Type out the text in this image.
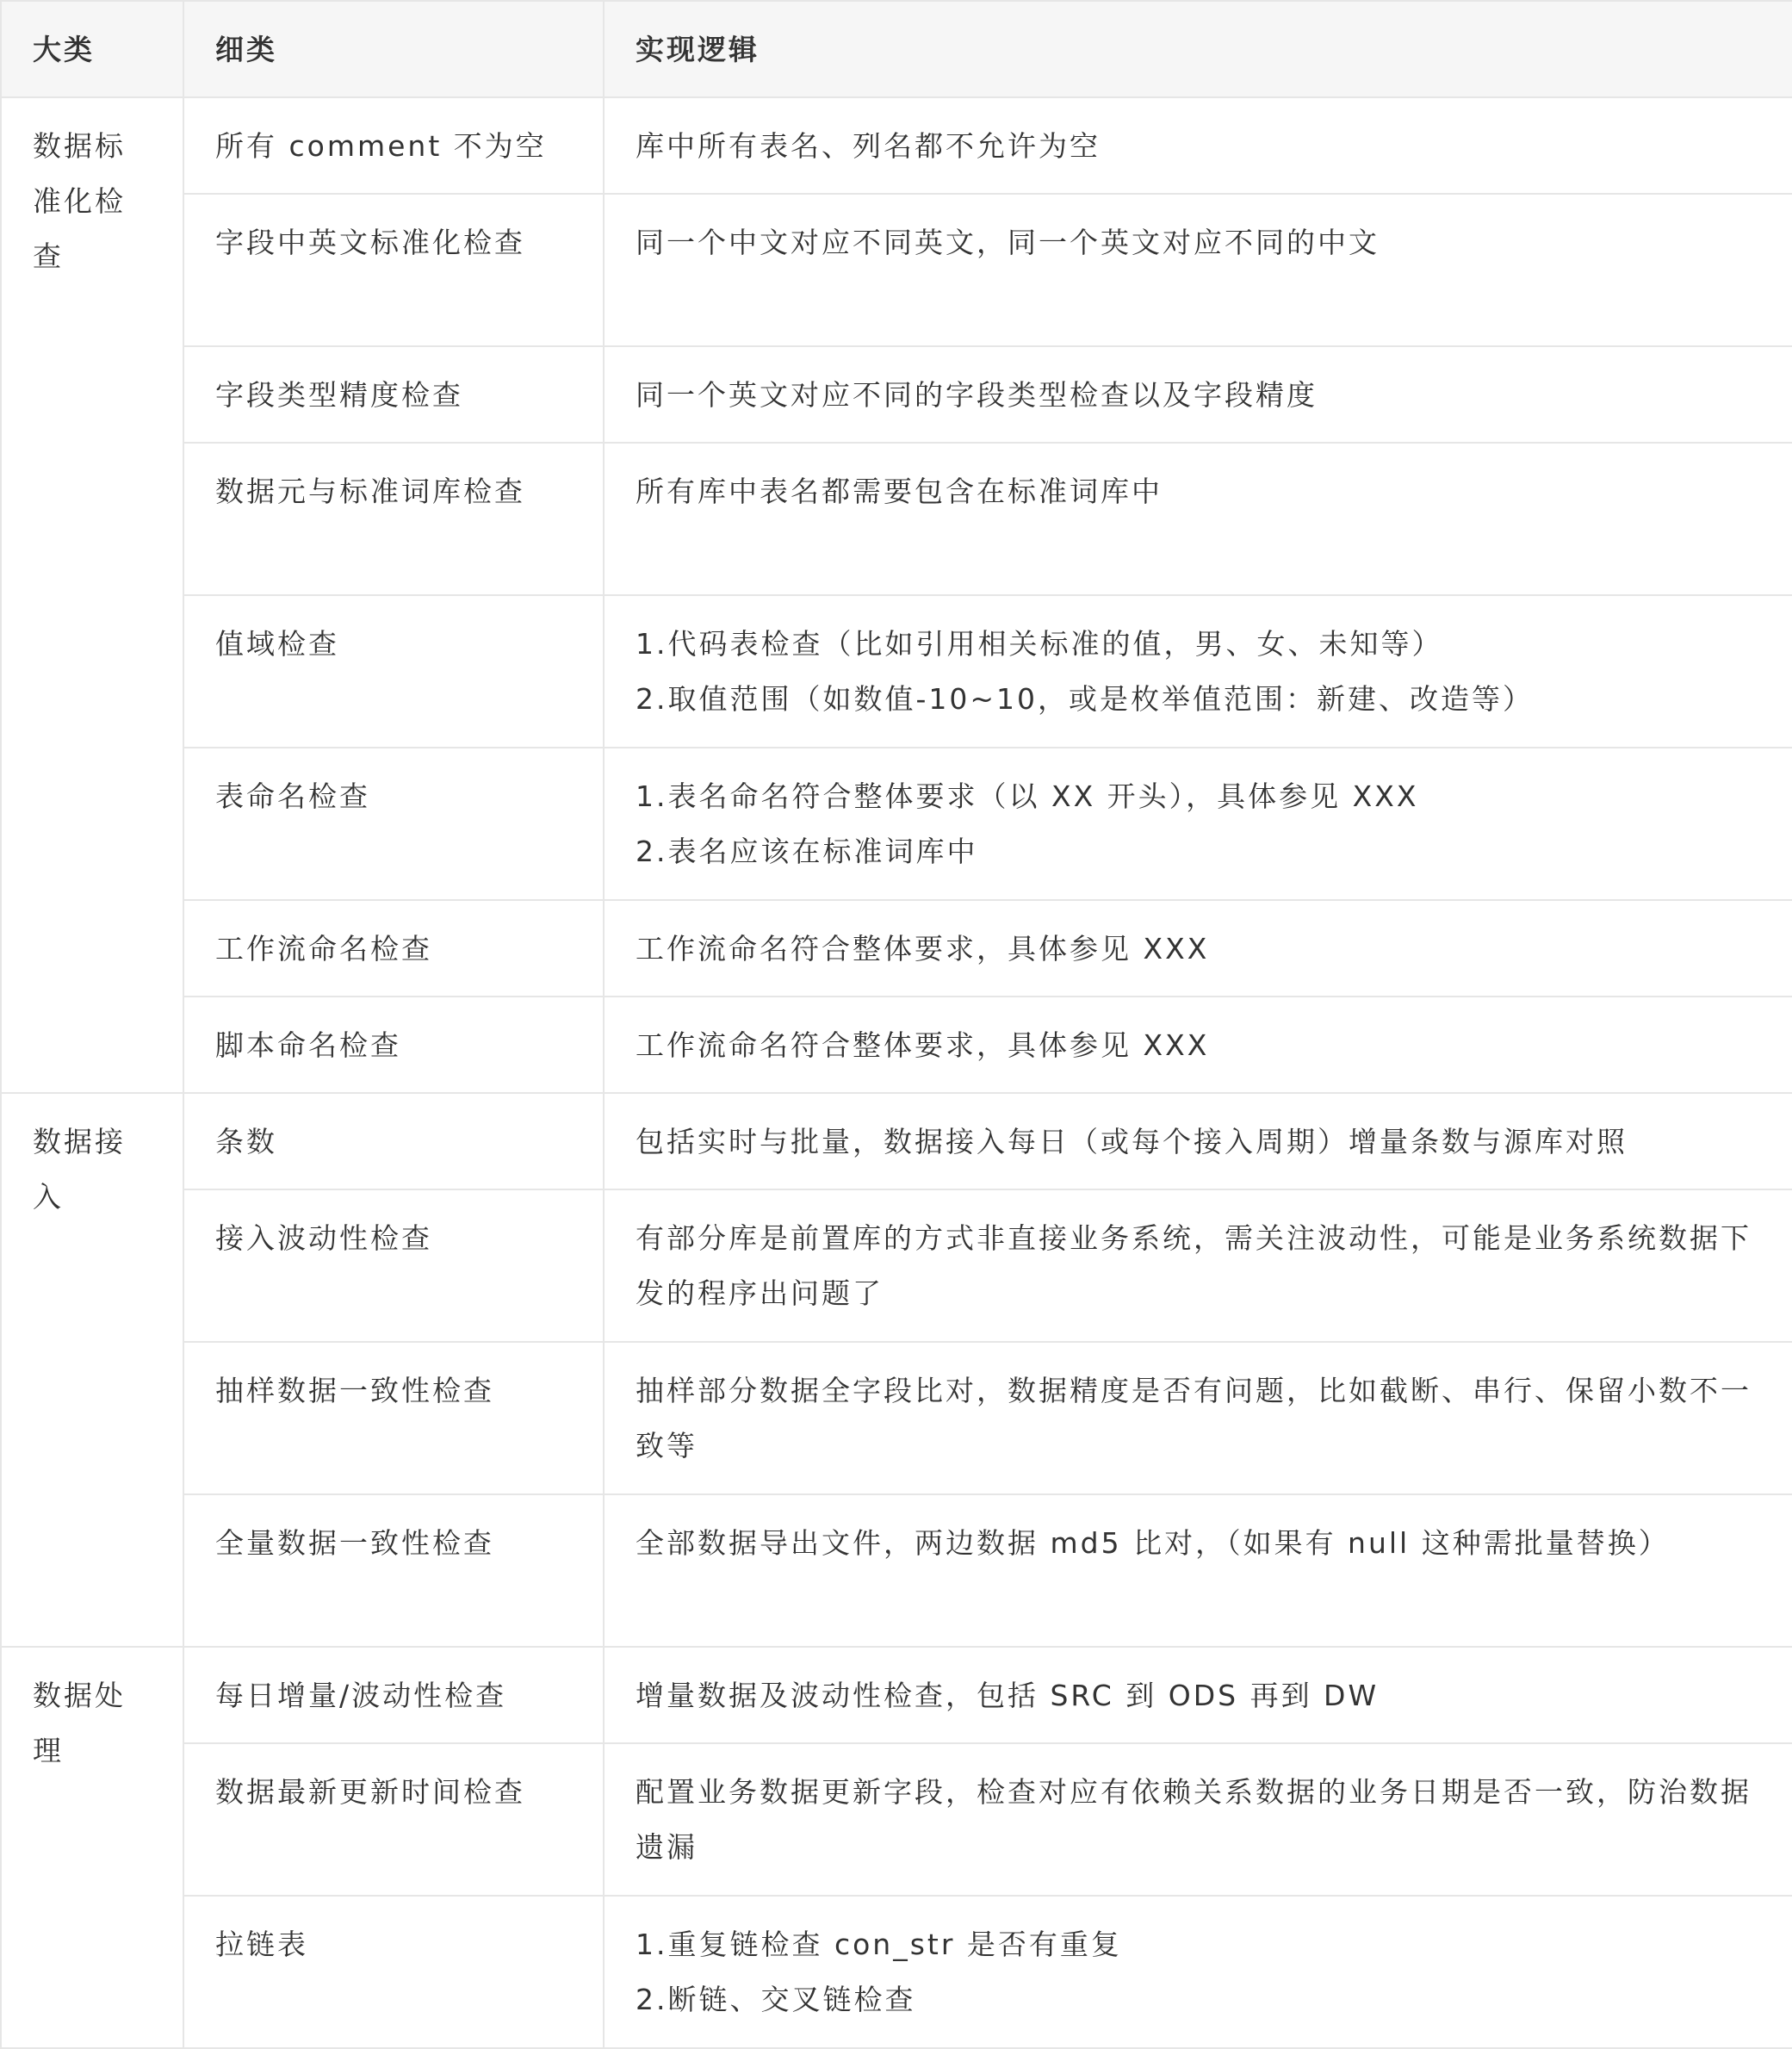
大类	细类	实现逻辑

数据标准化检查	所有 comment 不为空	库中所有表名、列名都不允许为空

	字段中英文标准化检查	同一个中文对应不同英文，同一个英文对应不同的中文

	字段类型精度检查	同一个英文对应不同的字段类型检查以及字段精度

	数据元与标准词库检查	所有库中表名都需要包含在标准词库中

	值域检查	1.代码表检查（比如引用相关标准的值，男、女、未知等）
2.取值范围（如数值-10~10，或是枚举值范围：新建、改造等）

	表命名检查	1.表名命名符合整体要求（以 XX 开头），具体参见 XXX
2.表名应该在标准词库中

	工作流命名检查	工作流命名符合整体要求，具体参见 XXX

	脚本命名检查	工作流命名符合整体要求，具体参见 XXX

数据接入	条数	包括实时与批量，数据接入每日（或每个接入周期）增量条数与源库对照

	接入波动性检查	有部分库是前置库的方式非直接业务系统，需关注波动性，可能是业务系统数据下发的程序出问题了

	抽样数据一致性检查	抽样部分数据全字段比对，数据精度是否有问题，比如截断、串行、保留小数不一致等

	全量数据一致性检查	全部数据导出文件，两边数据 md5 比对，（如果有 null 这种需批量替换）

数据处理	每日增量/波动性检查	增量数据及波动性检查，包括 SRC 到 ODS 再到 DW

	数据最新更新时间检查	配置业务数据更新字段，检查对应有依赖关系数据的业务日期是否一致，防治数据遗漏

	拉链表	1.重复链检查 con_str 是否有重复
2.断链、交叉链检查
